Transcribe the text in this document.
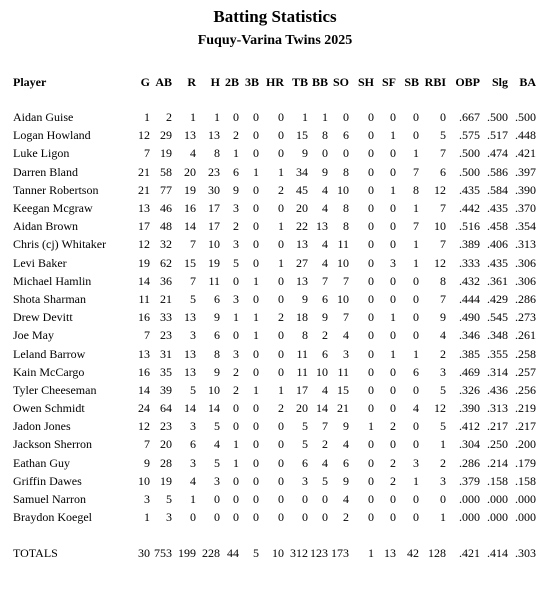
Batting Statistics
Fuquy-Varina Twins 2025
Player	G	AB	R	H	2B	3B	HR	TB	BB	SO	SH	SF	SB	RBI	OBP	Slg	BA

Aidan Guise	1	2	1	1	0	0	0	1	1	0	0	0	0	0	.667	.500	.500
Logan Howland	12	29	13	13	2	0	0	15	8	6	0	1	0	5	.575	.517	.448
Luke Ligon	7	19	4	8	1	0	0	9	0	0	0	0	1	7	.500	.474	.421
Darren Bland	21	58	20	23	6	1	1	34	9	8	0	0	7	6	.500	.586	.397
Tanner Robertson	21	77	19	30	9	0	2	45	4	10	0	1	8	12	.435	.584	.390
Keegan Mcgraw	13	46	16	17	3	0	0	20	4	8	0	0	1	7	.442	.435	.370
Aidan Brown	17	48	14	17	2	0	1	22	13	8	0	0	7	10	.516	.458	.354
Chris (cj) Whitaker	12	32	7	10	3	0	0	13	4	11	0	0	1	7	.389	.406	.313
Levi Baker	19	62	15	19	5	0	1	27	4	10	0	3	1	12	.333	.435	.306
Michael Hamlin	14	36	7	11	0	1	0	13	7	7	0	0	0	8	.432	.361	.306
Shota Sharman	11	21	5	6	3	0	0	9	6	10	0	0	0	7	.444	.429	.286
Drew Devitt	16	33	13	9	1	1	2	18	9	7	0	1	0	9	.490	.545	.273
Joe May	7	23	3	6	0	1	0	8	2	4	0	0	0	4	.346	.348	.261
Leland Barrow	13	31	13	8	3	0	0	11	6	3	0	1	1	2	.385	.355	.258
Kain McCargo	16	35	13	9	2	0	0	11	10	11	0	0	6	3	.469	.314	.257
Tyler Cheeseman	14	39	5	10	2	1	1	17	4	15	0	0	0	5	.326	.436	.256
Owen Schmidt	24	64	14	14	0	0	2	20	14	21	0	0	4	12	.390	.313	.219
Jadon Jones	12	23	3	5	0	0	0	5	7	9	1	2	0	5	.412	.217	.217
Jackson Sherron	7	20	6	4	1	0	0	5	2	4	0	0	0	1	.304	.250	.200
Eathan Guy	9	28	3	5	1	0	0	6	4	6	0	2	3	2	.286	.214	.179
Griffin Dawes	10	19	4	3	0	0	0	3	5	9	0	2	1	3	.379	.158	.158
Samuel Narron	3	5	1	0	0	0	0	0	0	4	0	0	0	0	.000	.000	.000
Braydon Koegel	1	3	0	0	0	0	0	0	0	2	0	0	0	1	.000	.000	.000

TOTALS	30	753	199	228	44	5	10	312	123	173	1	13	42	128	.421	.414	.303
